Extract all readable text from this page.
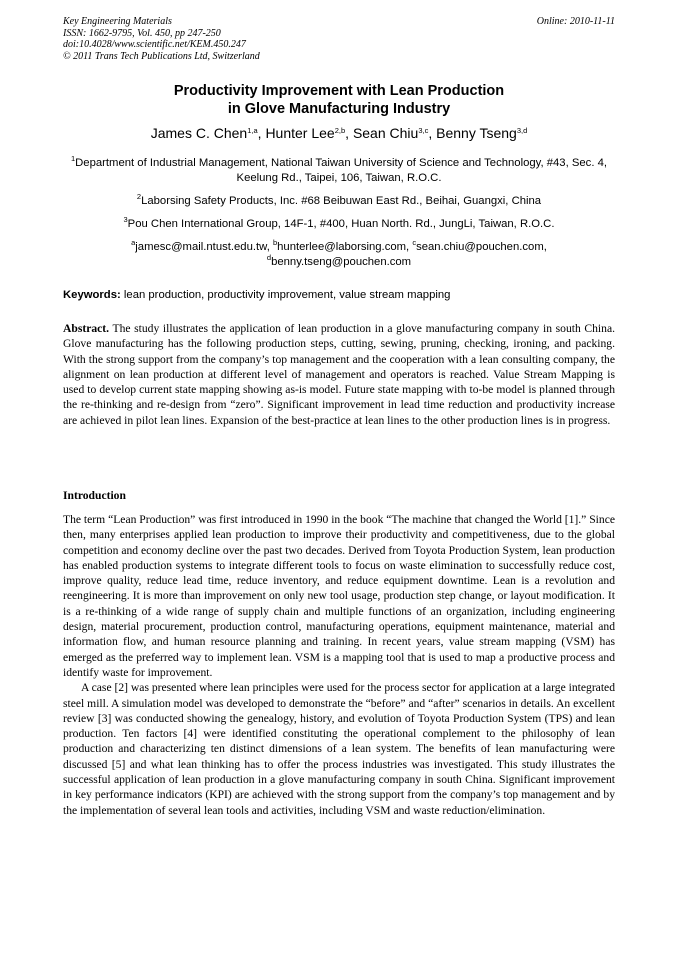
Key Engineering Materials
ISSN: 1662-9795, Vol. 450, pp 247-250
doi:10.4028/www.scientific.net/KEM.450.247
© 2011 Trans Tech Publications Ltd, Switzerland
Online: 2010-11-11
Productivity Improvement with Lean Production
in Glove Manufacturing Industry
James C. Chen$^{1,a}$, Hunter Lee$^{2,b}$, Sean Chiu$^{3,c}$, Benny Tseng$^{3,d}$
$^1$Department of Industrial Management, National Taiwan University of Science and Technology, #43, Sec. 4, Keelung Rd., Taipei, 106, Taiwan, R.O.C.
$^2$Laborsing Safety Products, Inc. #68 Beibuwan East Rd., Beihai, Guangxi, China
$^3$Pou Chen International Group, 14F-1, #400, Huan North. Rd., JungLi, Taiwan, R.O.C.
$^a$jamesc@mail.ntust.edu.tw, $^b$hunterlee@laborsing.com, $^c$sean.chiu@pouchen.com,
$^d$benny.tseng@pouchen.com
Keywords: lean production, productivity improvement, value stream mapping
Abstract. The study illustrates the application of lean production in a glove manufacturing company in south China. Glove manufacturing has the following production steps, cutting, sewing, pruning, checking, ironing, and packing. With the strong support from the company’s top management and the cooperation with a lean consulting company, the alignment on lean production at different level of management and operators is reached. Value Stream Mapping is used to develop current state mapping showing as-is model. Future state mapping with to-be model is planned through the re-thinking and re-design from “zero”. Significant improvement in lead time reduction and productivity increase are achieved in pilot lean lines. Expansion of the best-practice at lean lines to the other production lines is in progress.
Introduction

The term “Lean Production” was first introduced in 1990 in the book “The machine that changed the World [1].” Since then, many enterprises applied lean production to improve their productivity and competitiveness, due to the global competition and economy decline over the past two decades. Derived from Toyota Production System, lean production has enabled production systems to integrate different tools to focus on waste elimination to successfully reduce cost, improve quality, reduce lead time, reduce inventory, and reduce equipment downtime. Lean is a revolution and reengineering. It is more than improvement on only new tool usage, production step change, or layout modification. It is a re-thinking of a wide range of supply chain and multiple functions of an organization, including engineering design, material procurement, production control, manufacturing operations, equipment maintenance, material and information flow, and human resource planning and training. In recent years, value stream mapping (VSM) has emerged as the preferred way to implement lean. VSM is a mapping tool that is used to map a productive process and identify waste for improvement.

A case [2] was presented where lean principles were used for the process sector for application at a large integrated steel mill. A simulation model was developed to demonstrate the “before” and “after” scenarios in details. An excellent review [3] was conducted showing the genealogy, history, and evolution of Toyota Production System (TPS) and lean production. Ten factors [4] were identified constituting the operational complement to the philosophy of lean production and characterizing ten distinct dimensions of a lean system. The benefits of lean manufacturing were discussed [5] and what lean thinking has to offer the process industries was investigated. This study illustrates the successful application of lean production in a glove manufacturing company in south China. Significant improvement in key performance indicators (KPI) are achieved with the strong support from the company’s top management and by the implementation of several lean tools and activities, including VSM and waste reduction/elimination.
